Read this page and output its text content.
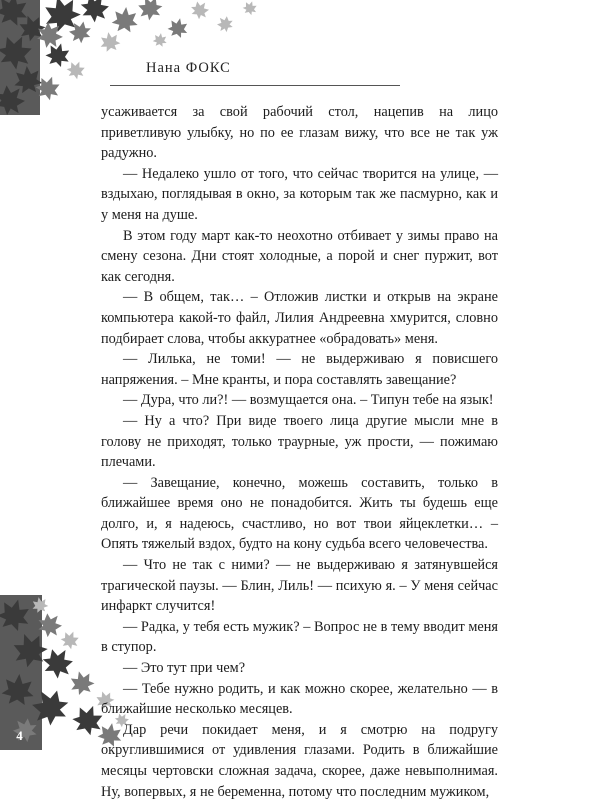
4
Нана ФОКС

усаживается за свой рабочий стол, нацепив на лицо приветливую улыбку, но по ее глазам вижу, что все не так уж радужно.

— Недалеко ушло от того, что сейчас творится на улице, — вздыхаю, поглядывая в окно, за которым так же пасмурно, как и у меня на душе.

В этом году март как-то неохотно отбивает у зимы право на смену сезона. Дни стоят холодные, а порой и снег пуржит, вот как сегодня.

— В общем, так… – Отложив листки и открыв на экране компьютера какой-то файл, Лилия Андреевна хмурится, словно подбирает слова, чтобы аккуратнее «обрадовать» меня.

— Лилька, не томи! — не выдерживаю я повисшего напряжения. – Мне кранты, и пора составлять завещание?

— Дура, что ли?! — возмущается она. – Типун тебе на язык!

— Ну а что? При виде твоего лица другие мысли мне в голову не приходят, только траурные, уж прости, — пожимаю плечами.

— Завещание, конечно, можешь составить, только в ближайшее время оно не понадобится. Жить ты будешь еще долго, и, я надеюсь, счастливо, но вот твои яйцеклетки… – Опять тяжелый вздох, будто на кону судьба всего человечества.

— Что не так с ними? — не выдерживаю я затянувшейся трагической паузы. — Блин, Лиль! — психую я. – У меня сейчас инфаркт случится!

— Радка, у тебя есть мужик? – Вопрос не в тему вводит меня в ступор.

— Это тут при чем?

— Тебе нужно родить, и как можно скорее, желательно — в ближайшие несколько месяцев.

Дар речи покидает меня, и я смотрю на подругу округлившимися от удивления глазами. Родить в ближайшие месяцы чертовски сложная задача, скорее, даже невыполнимая. Ну, вопервых, я не беременна, потому что последним мужиком,
